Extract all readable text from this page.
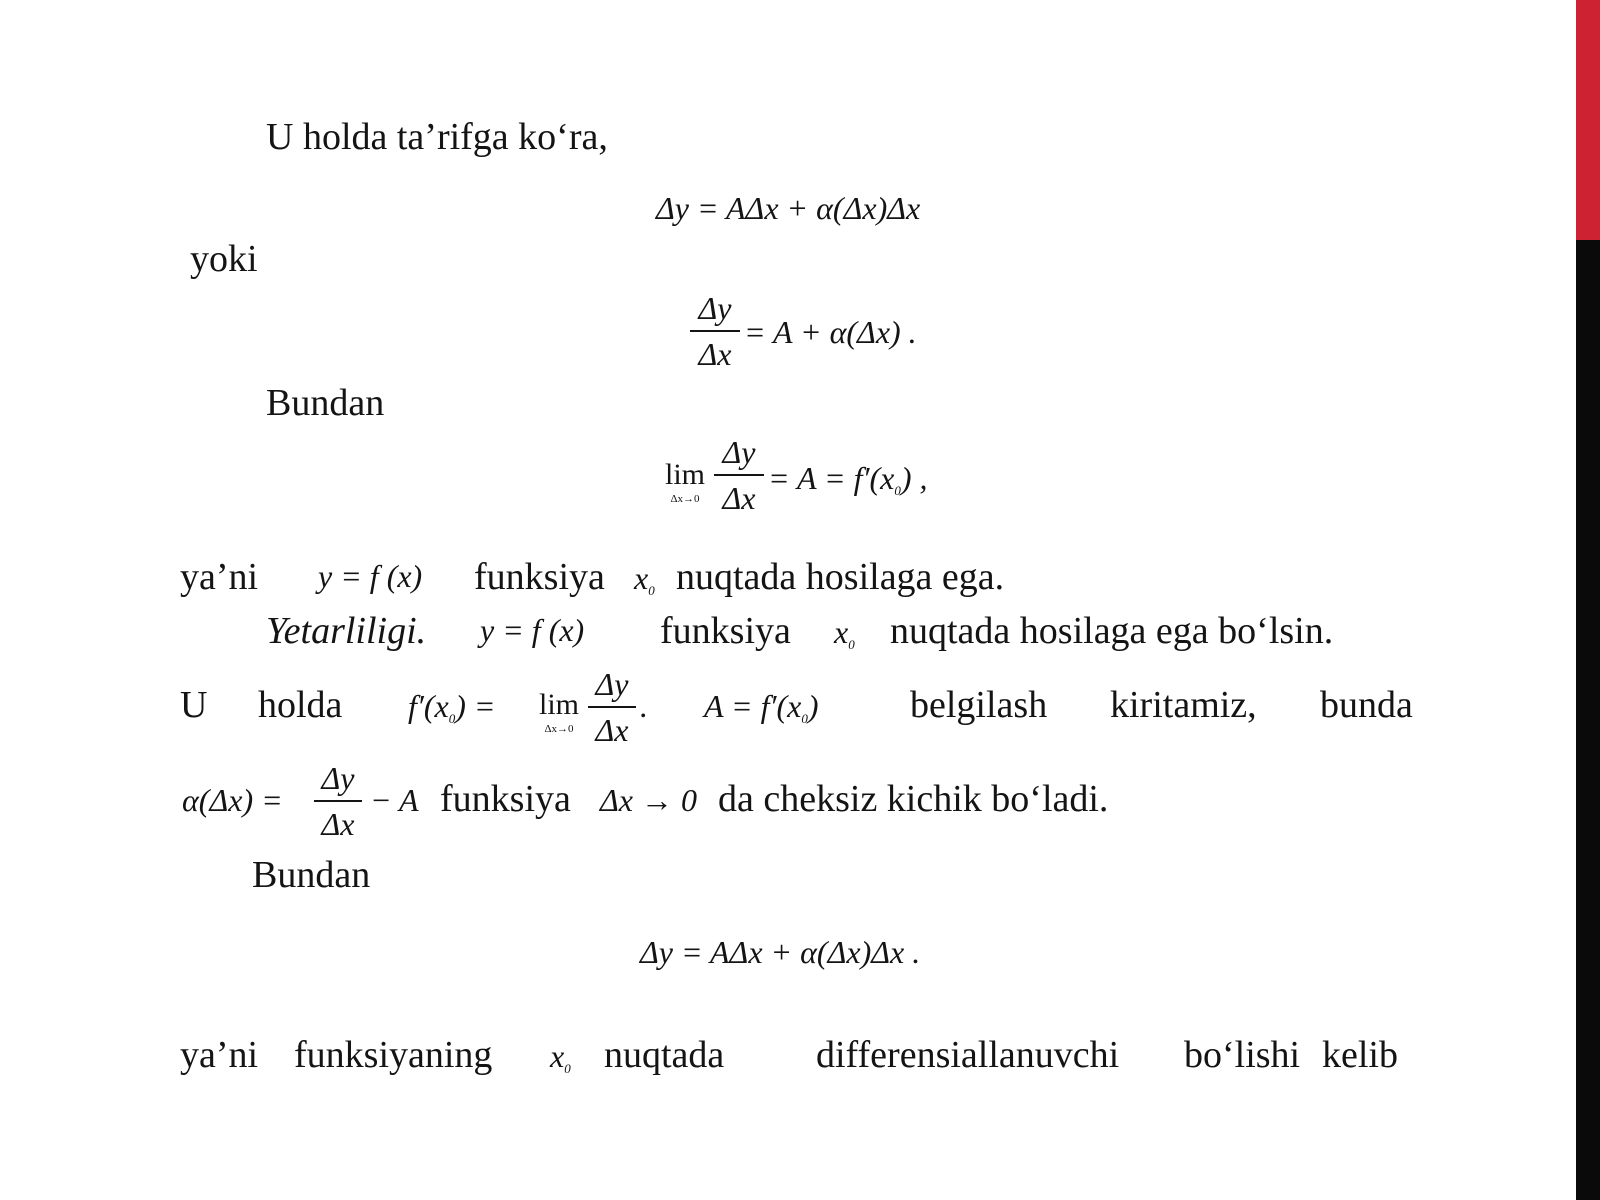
U holda ta’rifga ko‘ra,
Δy = AΔx + α(Δx)Δx
yoki
Δy
Δx
= A + α(Δx) .
Bundan
lim
Δx→0
Δy
Δx
= $A = f'(x_0)$ ,
ya’ni y = f (x) funksiya $x_0$ nuqtada hosilaga ega.
Yetarliligi. y = f (x) funksiya $x_0$ nuqtada hosilaga ega bo‘lsin.
U holda $f'(x_0) = \lim$
Δx→0
Δy
Δx
. $A = f'(x_0)$ belgilash kiritamiz, bunda
α(Δx) =
Δy
Δx
− A funksiya Δx → 0 da cheksiz kichik bo‘ladi.
Bundan
Δy = AΔx + α(Δx)Δx .
ya’ni funksiyaning $x_0$ nuqtada differensiallanuvchi bo‘lishi kelib
